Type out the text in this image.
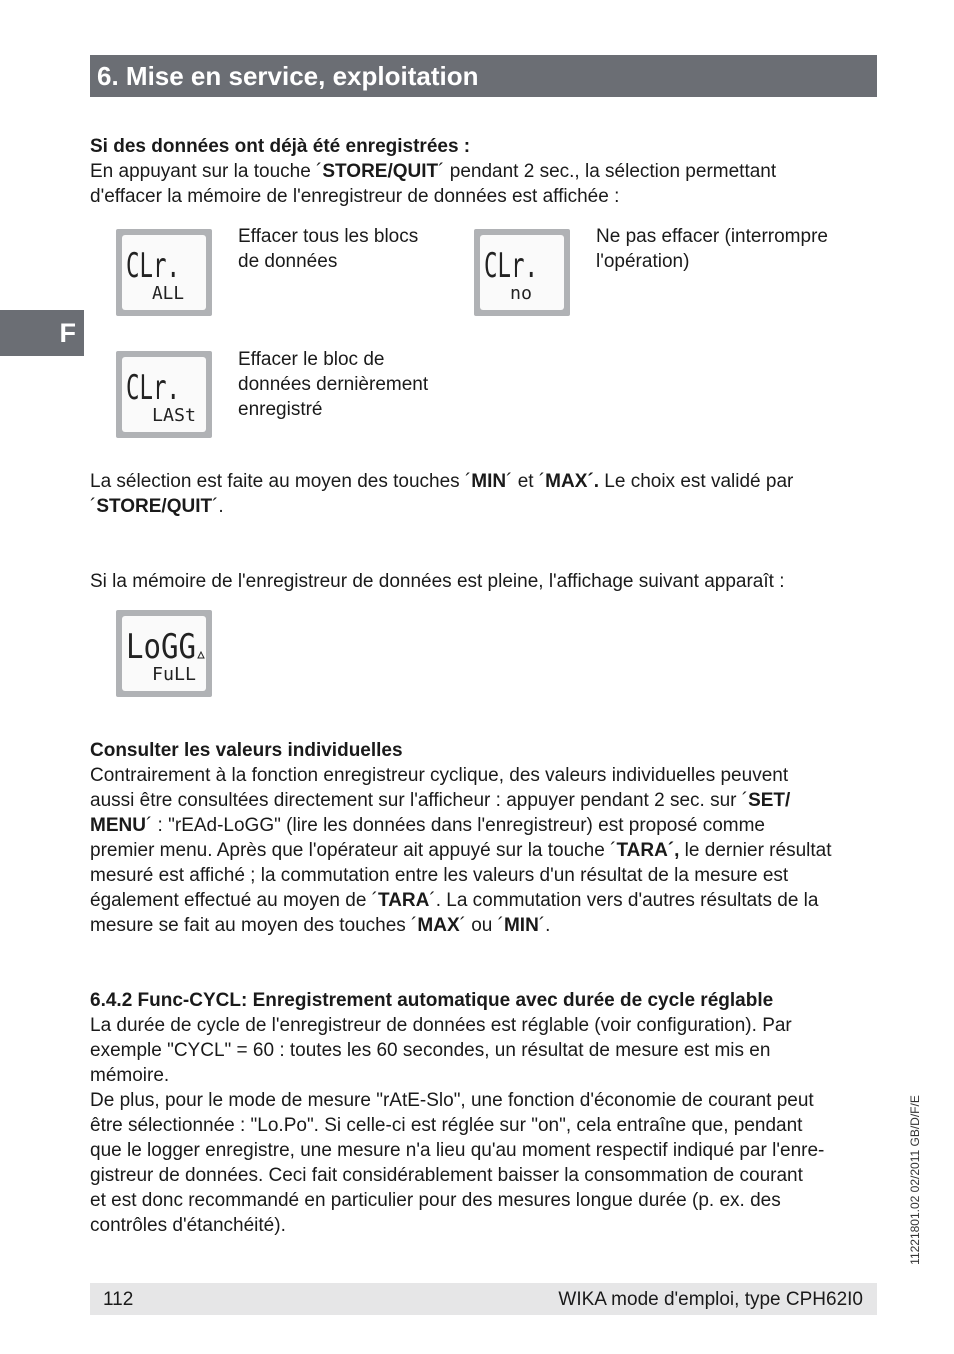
6. Mise en service, exploitation
F

Si des données ont déjà été enregistrées :

En appuyant sur la touche ´STORE/QUIT´ pendant 2 sec., la sélection permettant

d'effacer la mémoire de l'enregistreur de données est affichée :

CLr.
ALL

Effacer tous les blocs
de données	CLr.
no

Ne pas effacer (interrompre
l'opération)

CLr.
LASt

Effacer le bloc de
données dernièrement
enregistré

La sélection est faite au moyen des touches ´MIN´ et ´MAX´. Le choix est validé par

´STORE/QUIT´.

Si la mémoire de l'enregistreur de données est pleine, l'affichage suivant apparaît :

LoGG
FuLL

Consulter les valeurs individuelles

Contrairement à la fonction enregistreur cyclique, des valeurs individuelles peuvent

aussi être consultées directement sur l'afficheur : appuyer pendant 2 sec. sur ´SET/

MENU´ : "rEAd-LoGG" (lire les données dans l'enregistreur) est proposé comme

premier menu. Après que l'opérateur ait appuyé sur la touche ´TARA´, le dernier résultat

mesuré est affiché ; la commutation entre les valeurs d'un résultat de la mesure est

également effectué au moyen de ´TARA´. La commutation vers d'autres résultats de la

mesure se fait au moyen des touches ´MAX´ ou ´MIN´.

6.4.2 Func-CYCL: Enregistrement automatique avec durée de cycle réglable

La durée de cycle de l'enregistreur de données est réglable (voir configuration). Par

exemple "CYCL" = 60 : toutes les 60 secondes, un résultat de mesure est mis en

mémoire.

De plus, pour le mode de mesure "rAtE-Slo", une fonction d'économie de courant peut

être sélectionnée : "Lo.Po". Si celle-ci est réglée sur "on", cela entraîne que, pendant

que le logger enregistre, une mesure n'a lieu qu'au moment respectif indiqué par l'enre-

gistreur de données. Ceci fait considérablement baisser la consommation de courant

et est donc recommandé en particulier pour des mesures longue durée (p. ex. des

contrôles d'étanchéité).	11221801.02 02/2011 GB/D/F/E
112	WIKA mode d'emploi, type CPH62I0
